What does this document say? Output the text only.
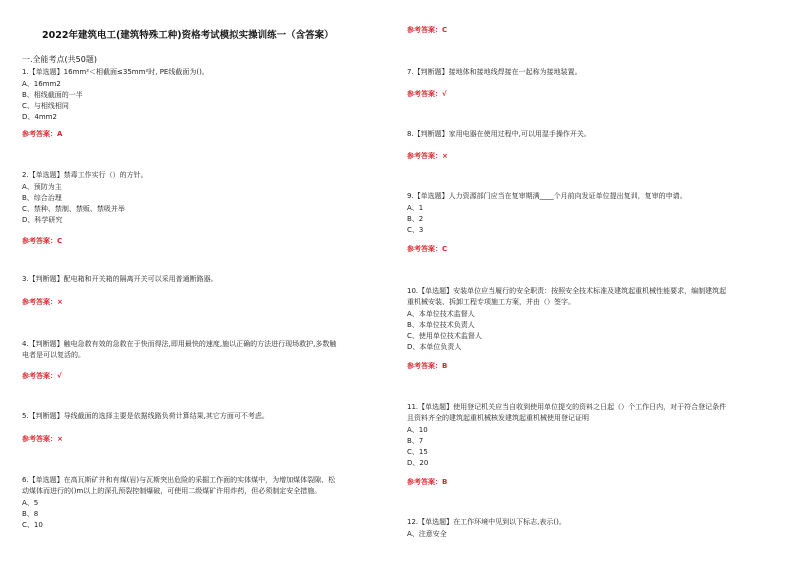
2022年建筑电工(建筑特殊工种)资格考试模拟实操训练一（含答案）
一.全能考点(共50题)
1.【单选题】16mm²＜相截面≤35mm²时, PE线截面为()。
A、16mm2
B、相线截面的一半
C、与相线相同
D、4mm2
参考答案：A
2.【单选题】禁毒工作实行（）的方针。
A、预防为主
B、综合治理
C、禁种、禁制、禁贩、禁吸并举
D、科学研究
参考答案：C
3.【判断题】配电箱和开关箱的隔离开关可以采用普通断路器。
参考答案：×
4.【判断题】触电急救有效的急救在于快而得法,即用最快的速度,施以正确的方法进行现场救护,多数触
电者是可以复活的。
参考答案：√
5.【判断题】导线截面的选择主要是依据线路负荷计算结果,其它方面可不考虑。
参考答案：×
6.【单选题】在高瓦斯矿井和有煤(岩)与瓦斯突出危险的采掘工作面的实体煤中，为增加煤体裂隙、松
动煤体而进行的()m以上的深孔预裂控制爆破，可使用二级煤矿许用炸药，但必须制定安全措施。
A、5
B、8
C、10
参考答案：C
7.【判断题】接地体和接地线焊接在一起称为接地装置。
参考答案：√
8.【判断题】家用电器在使用过程中,可以用湿手操作开关。
参考答案：×
9.【单选题】人力资源部门应当在复审期满____个月前向发证单位提出复训，复审的申请。
A、1
B、2
C、3
参考答案：C
10.【单选题】安装单位应当履行的安全职责：按照安全技术标准及建筑起重机械性能要求，编制建筑起
重机械安装、拆卸工程专项施工方案，并由（）签字。
A、本单位技术监督人
B、本单位技术负责人
C、使用单位技术监督人
D、本单位负责人
参考答案：B
11.【单选题】使用登记机关应当自收到使用单位提交的资料之日起（）个工作日内，对于符合登记条件
且资料齐全的建筑起重机械核发建筑起重机械使用登记证明
A、10
B、7
C、15
D、20
参考答案：B
12.【单选题】在工作环境中见到以下标志,表示()。
A、注意安全
